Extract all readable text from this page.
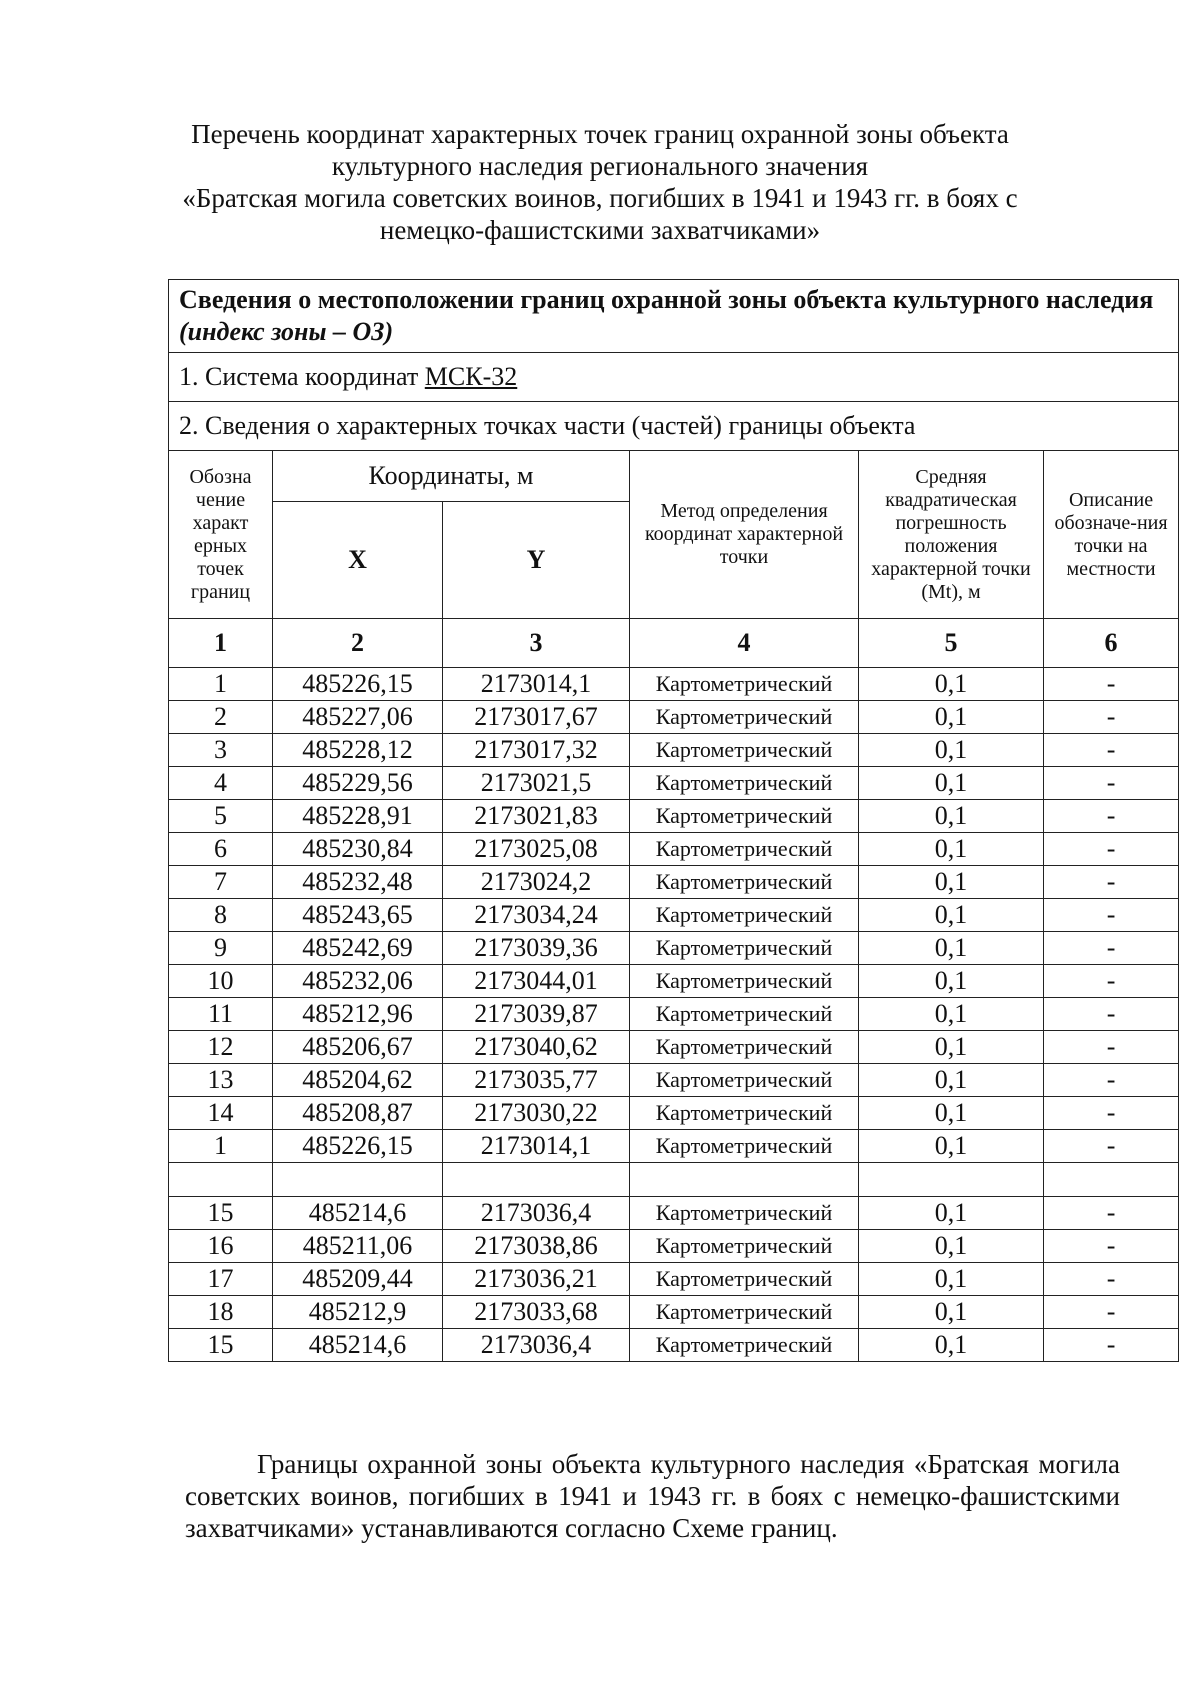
Перечень координат характерных точек границ охранной зоны объекта
культурного наследия регионального значения
«Братская могила советских воинов, погибших в 1941 и 1943 гг. в боях с
немецко-фашистскими захватчиками»
Сведения о местоположении границ охранной зоны объекта культурного наследия (индекс зоны – ОЗ)					
1. Система координат МСК-32					
2. Сведения о характерных точках части (частей) границы объекта					
Обозна чение характ ерных точек границ	Координаты, м		Метод определения координат характерной точки	Средняя квадратическая погрешность положения характерной точки (Mt), м	Описание обозначе-ния точки на местности
	X	Y			
1	2	3	4	5	6
1	485226,15	2173014,1	Картометрический	0,1	-
2	485227,06	2173017,67	Картометрический	0,1	-
3	485228,12	2173017,32	Картометрический	0,1	-
4	485229,56	2173021,5	Картометрический	0,1	-
5	485228,91	2173021,83	Картометрический	0,1	-
6	485230,84	2173025,08	Картометрический	0,1	-
7	485232,48	2173024,2	Картометрический	0,1	-
8	485243,65	2173034,24	Картометрический	0,1	-
9	485242,69	2173039,36	Картометрический	0,1	-
10	485232,06	2173044,01	Картометрический	0,1	-
11	485212,96	2173039,87	Картометрический	0,1	-
12	485206,67	2173040,62	Картометрический	0,1	-
13	485204,62	2173035,77	Картометрический	0,1	-
14	485208,87	2173030,22	Картометрический	0,1	-
1	485226,15	2173014,1	Картометрический	0,1	-

15	485214,6	2173036,4	Картометрический	0,1	-
16	485211,06	2173038,86	Картометрический	0,1	-
17	485209,44	2173036,21	Картометрический	0,1	-
18	485212,9	2173033,68	Картометрический	0,1	-
15	485214,6	2173036,4	Картометрический	0,1	-

Границы охранной зоны объекта культурного наследия «Братская могила советских воинов, погибших в 1941 и 1943 гг. в боях с немецко-фашистскими захватчиками» устанавливаются согласно Схеме границ.
